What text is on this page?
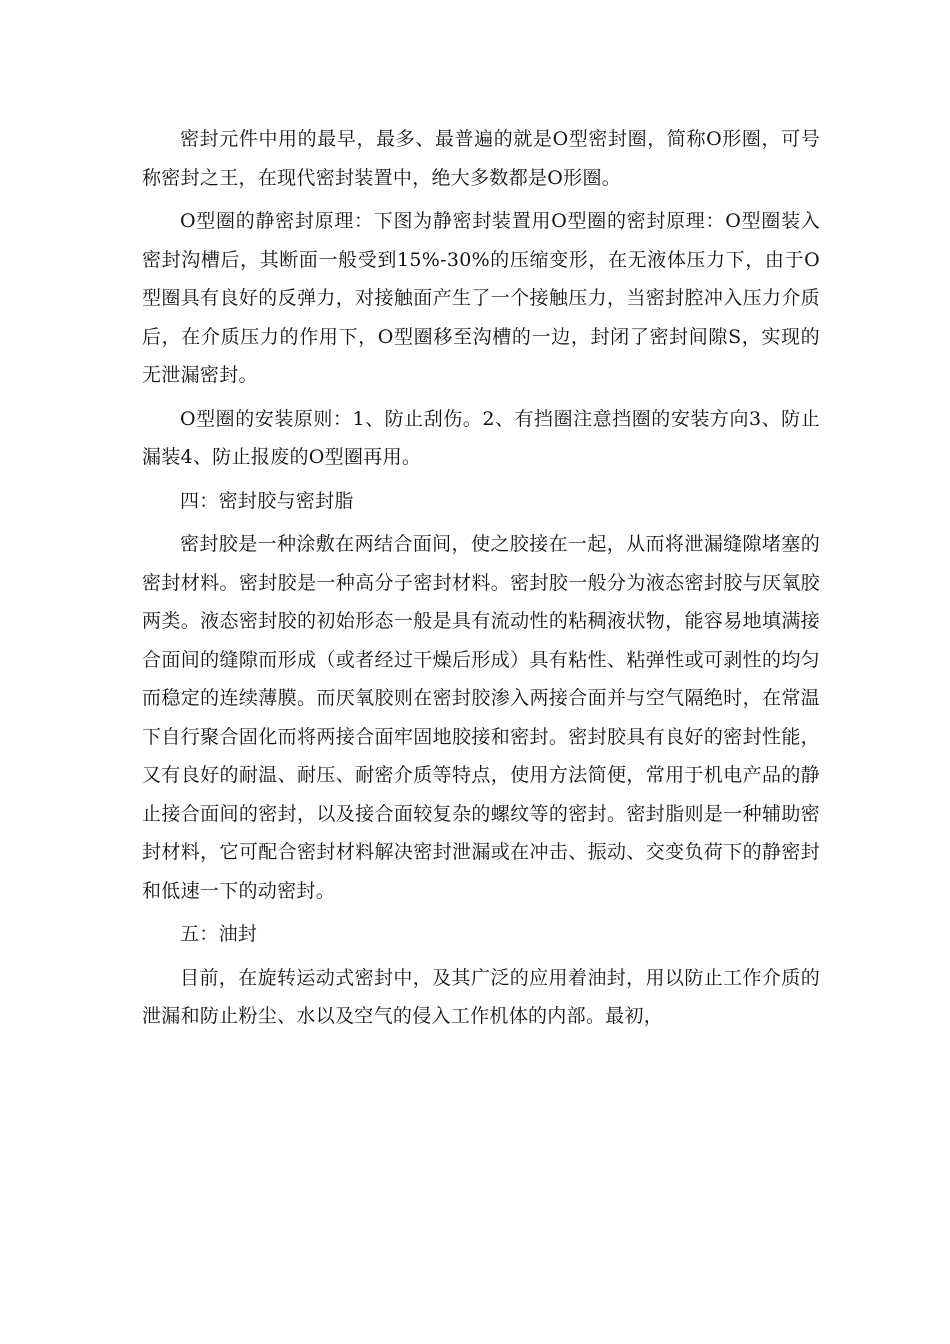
密封元件中用的最早，最多、最普遍的就是O型密封圈，简称O形圈，可号称密封之王，在现代密封装置中，绝大多数都是O形圈。

O型圈的静密封原理：下图为静密封装置用O型圈的密封原理：O型圈装入密封沟槽后，其断面一般受到15%-30%的压缩变形，在无液体压力下，由于O型圈具有良好的反弹力，对接触面产生了一个接触压力，当密封腔冲入压力介质后，在介质压力的作用下，O型圈移至沟槽的一边，封闭了密封间隙S，实现的无泄漏密封。

O型圈的安装原则：1、防止刮伤。2、有挡圈注意挡圈的安装方向3、防止漏装4、防止报废的O型圈再用。

四：密封胶与密封脂

密封胶是一种涂敷在两结合面间，使之胶接在一起，从而将泄漏缝隙堵塞的密封材料。密封胶是一种高分子密封材料。密封胶一般分为液态密封胶与厌氧胶两类。液态密封胶的初始形态一般是具有流动性的粘稠液状物，能容易地填满接合面间的缝隙而形成（或者经过干燥后形成）具有粘性、粘弹性或可剥性的均匀而稳定的连续薄膜。而厌氧胶则在密封胶渗入两接合面并与空气隔绝时，在常温下自行聚合固化而将两接合面牢固地胶接和密封。密封胶具有良好的密封性能，又有良好的耐温、耐压、耐密介质等特点，使用方法简便，常用于机电产品的静止接合面间的密封，以及接合面较复杂的螺纹等的密封。密封脂则是一种辅助密封材料，它可配合密封材料解决密封泄漏或在冲击、振动、交变负荷下的静密封和低速一下的动密封。

五：油封

目前，在旋转运动式密封中，及其广泛的应用着油封，用以防止工作介质的泄漏和防止粉尘、水以及空气的侵入工作机体的内部。最初，
